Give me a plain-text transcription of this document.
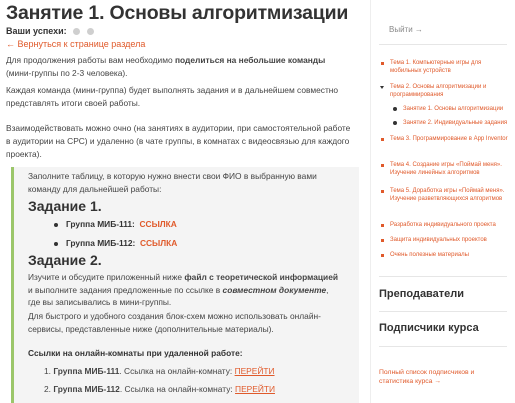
Занятие 1. Основы алгоритмизации
Ваши успехи:
← Вернуться к странице раздела
Для продолжения работы вам необходимо поделиться на небольшие команды
(мини-группы по 2-3 человека).
Каждая команда (мини-группа) будет выполнять задания и в дальнейшем совместно представлять итоги своей работы.
Взаимодействовать можно очно (на занятиях в аудитории, при самостоятельной работе в аудитории на СРС) и удаленно (в чате группы, в комнатах с видеосвязью для каждого проекта).
Заполните таблицу, в которую нужно внести свои ФИО в выбранную вами команду для дальнейшей работы:
Задание 1.
Группа МИБ-111: ССЫЛКА
Группа МИБ-112: ССЫЛКА
Задание 2.
Изучите и обсудите приложенный ниже файл с теоретической информацией и выполните задания предложенные по ссылке в совместном документе, где вы записывались в мини-группы.
Для быстрого и удобного создания блок-схем можно использовать онлайн-сервисы, представленные ниже (дополнительные материалы).
Ссылки на онлайн-комнаты при удаленной работе:
1. Группа МИБ-111. Ссылка на онлайн-комнату: ПЕРЕЙТИ
2. Группа МИБ-112. Ссылка на онлайн-комнату: ПЕРЕЙТИ
Выйти →
Тема 1. Компьютерные игры для мобильных устройств
Тема 2. Основы алгоритмизации и программирования
Занятие 1. Основы алгоритмизации
Занятие 2. Индивидуальные задания
Тема 3. Программирование в App Inventor
Тема 4. Создание игры «Поймай меня». Изучение линейных алгоритмов
Тема 5. Доработка игры «Поймай меня». Изучение разветвляющихся алгоритмов
Разработка индивидуального проекта
Защита индивидуальных проектов
Очень полезные материалы
Преподаватели
Подписчики курса
Полный список подписчиков и статистика курса →
